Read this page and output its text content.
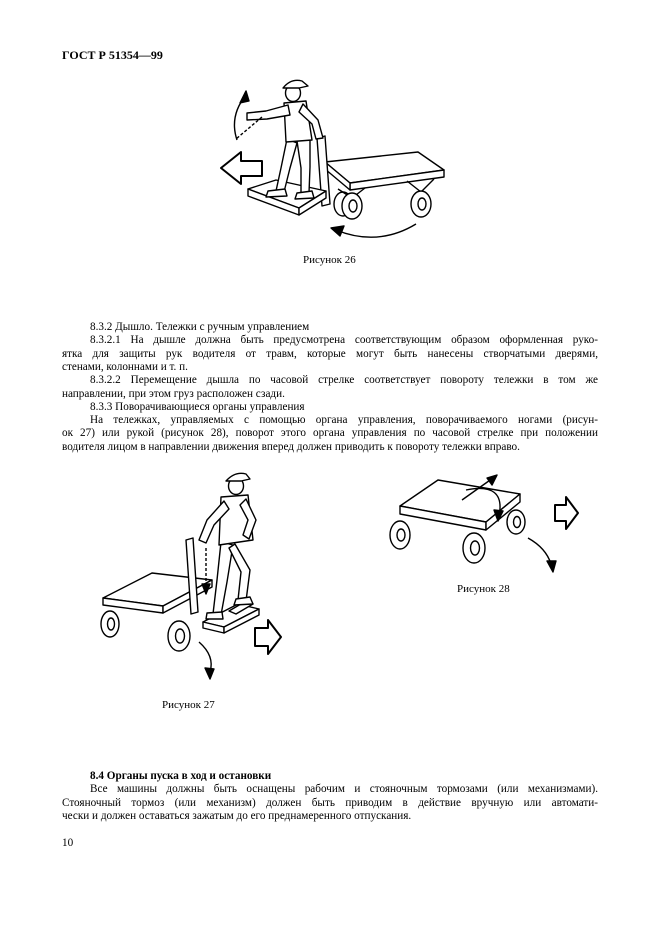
ГОСТ Р 51354—99
Рисунок 26
Рисунок 28
Рисунок 27
8.3.2 Дышло. Тележки с ручным управлением
8.3.2.1 На дышле должна быть предусмотрена соответствующим образом оформленная руко-
ятка для защиты рук водителя от травм, которые могут быть нанесены створчатыми дверями,
стенами, колоннами и т. п.
8.3.2.2 Перемещение дышла по часовой стрелке соответствует повороту тележки в том же
направлении, при этом груз расположен сзади.
8.3.3 Поворачивающиеся органы управления
На тележках, управляемых с помощью органа управления, поворачиваемого ногами (рисун-
ок 27) или рукой (рисунок 28), поворот этого органа управления по часовой стрелке при положении
водителя лицом в направлении движения вперед должен приводить к повороту тележки вправо.
8.4 Органы пуска в ход и остановки
Все машины должны быть оснащены рабочим и стояночным тормозами (или механизмами).
Стояночный тормоз (или механизм) должен быть приводим в действие вручную или автомати-
чески и должен оставаться зажатым до его преднамеренного отпускания.
10
